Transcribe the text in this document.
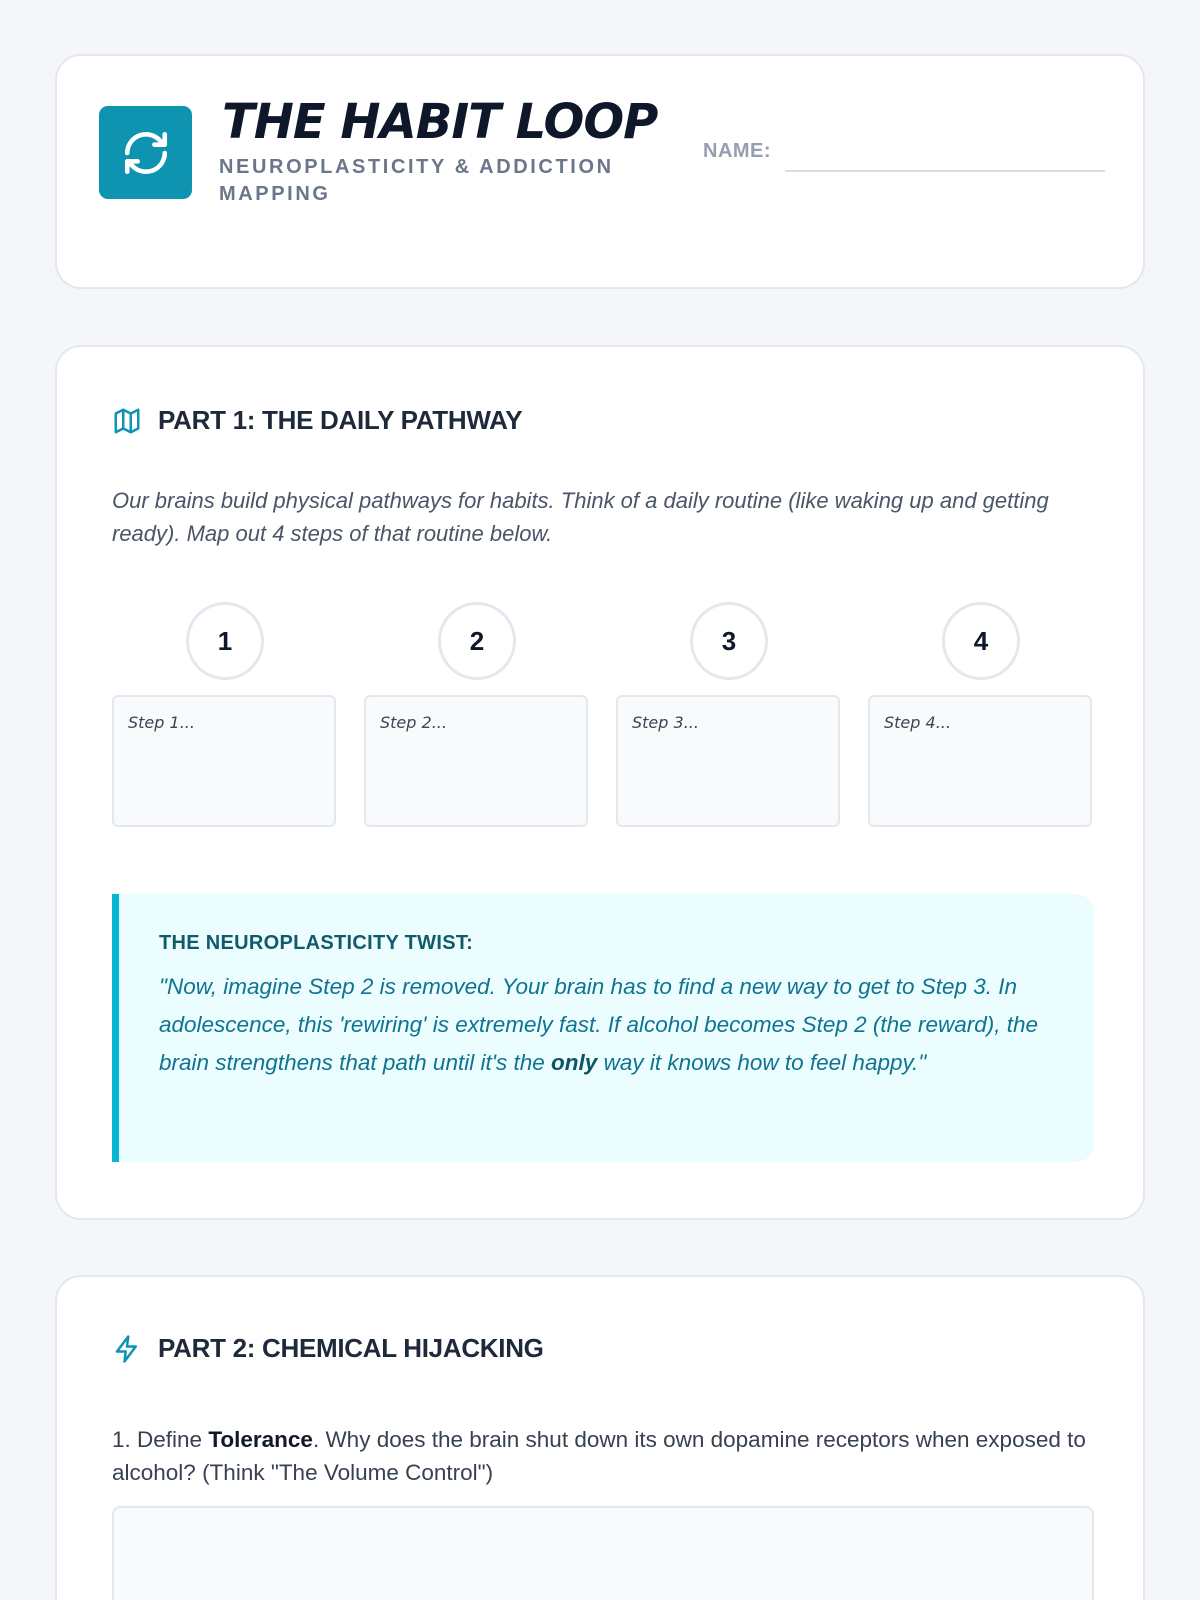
THE HABIT LOOP
NEUROPLASTICITY & ADDICTION MAPPING
NAME:
PART 1: THE DAILY PATHWAY
Our brains build physical pathways for habits. Think of a daily routine (like waking up and getting ready). Map out 4 steps of that routine below.
1
Step 1...
2
Step 2...
3
Step 3...
4
Step 4...
THE NEUROPLASTICITY TWIST:
"Now, imagine Step 2 is removed. Your brain has to find a new way to get to Step 3. In adolescence, this 'rewiring' is extremely fast. If alcohol becomes Step 2 (the reward), the brain strengthens that path until it's the only way it knows how to feel happy."
PART 2: CHEMICAL HIJACKING
1. Define Tolerance. Why does the brain shut down its own dopamine receptors when exposed to alcohol? (Think "The Volume Control")
